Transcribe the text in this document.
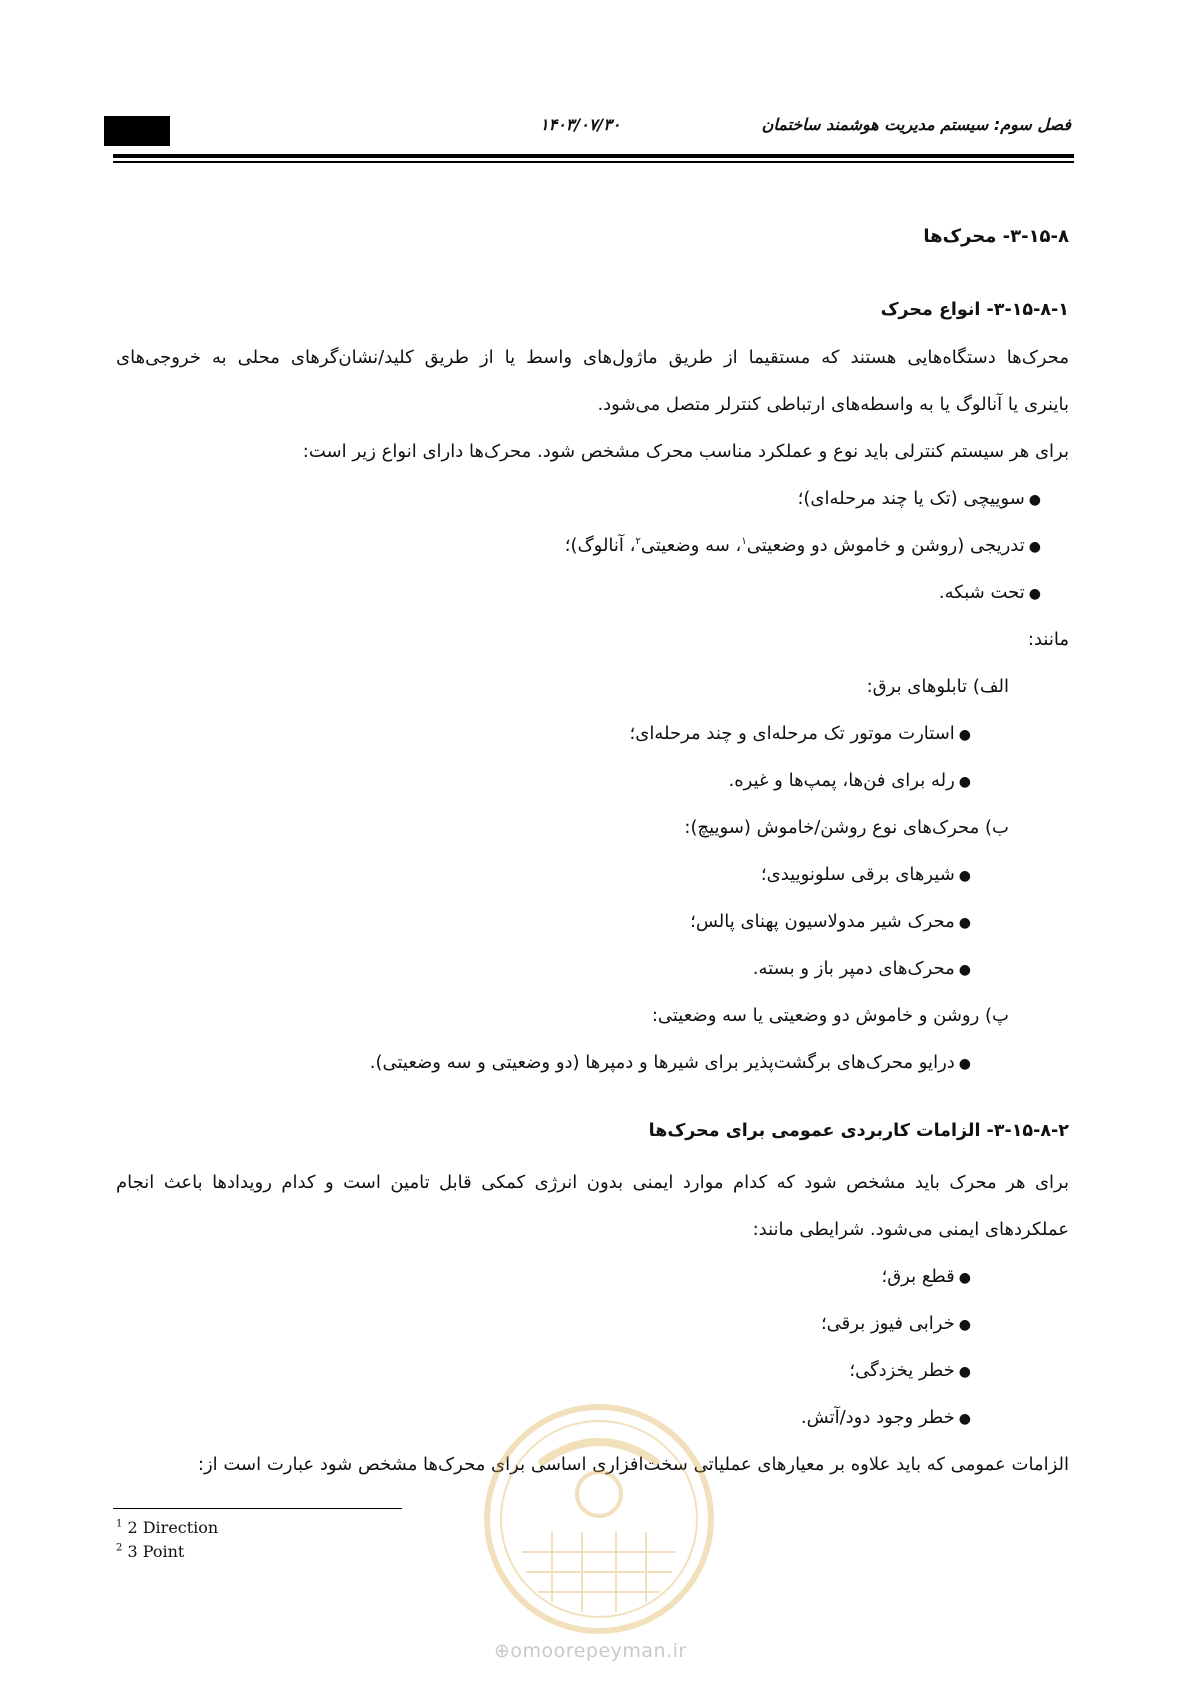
فصل سوم: سیستم مدیریت هوشمند ساختمان
۱۴۰۳/۰۷/۳۰
۳-۱۵-۸- محرک‌ها
۳-۱۵-۸-۱- انواع محرک
محرک‌ها دستگاه‌هایی هستند که مستقیما از طریق ماژول‌های واسط یا از طریق کلید/نشان‌گرهای محلی به خروجی‌های
باینری یا آنالوگ یا به واسطه‌های ارتباطی کنترلر متصل می‌شود.
برای هر سیستم کنترلی باید نوع و عملکرد مناسب محرک مشخص شود. محرک‌ها دارای انواع زیر است:
●سوییچی (تک یا چند مرحله‌ای)؛
●تدریجی (روشن و خاموش دو وضعیتی$^۱$، سه وضعیتی$^۲$، آنالوگ)؛
●تحت شبکه.
مانند:
الف) تابلوهای برق:
●استارت موتور تک مرحله‌ای و چند مرحله‌ای؛
●رله برای فن‌ها، پمپ‌ها و غیره.
ب) محرک‌های نوع روشن/خاموش (سوییچ):
●شیرهای برقی سلونوییدی؛
●محرک شیر مدولاسیون پهنای پالس؛
●محرک‌های دمپر باز و بسته.
پ) روشن و خاموش دو وضعیتی یا سه وضعیتی:
●درایو محرک‌های برگشت‌پذیر برای شیرها و دمپرها (دو وضعیتی و سه وضعیتی).
۳-۱۵-۸-۲- الزامات کاربردی عمومی برای محرک‌ها
برای هر محرک باید مشخص شود که کدام موارد ایمنی بدون انرژی کمکی قابل تامین است و کدام رویدادها باعث انجام
عملکردهای ایمنی می‌شود. شرایطی مانند:
●قطع برق؛
●خرابی فیوز برقی؛
●خطر یخزدگی؛
●خطر وجود دود/آتش.
الزامات عمومی که باید علاوه بر معیارهای عملیاتی سخت‌افزاری اساسی برای محرک‌ها مشخص شود عبارت است از:
$^1$ 2 Direction
$^2$ 3 Point
⊕omoorepeyman.ir
